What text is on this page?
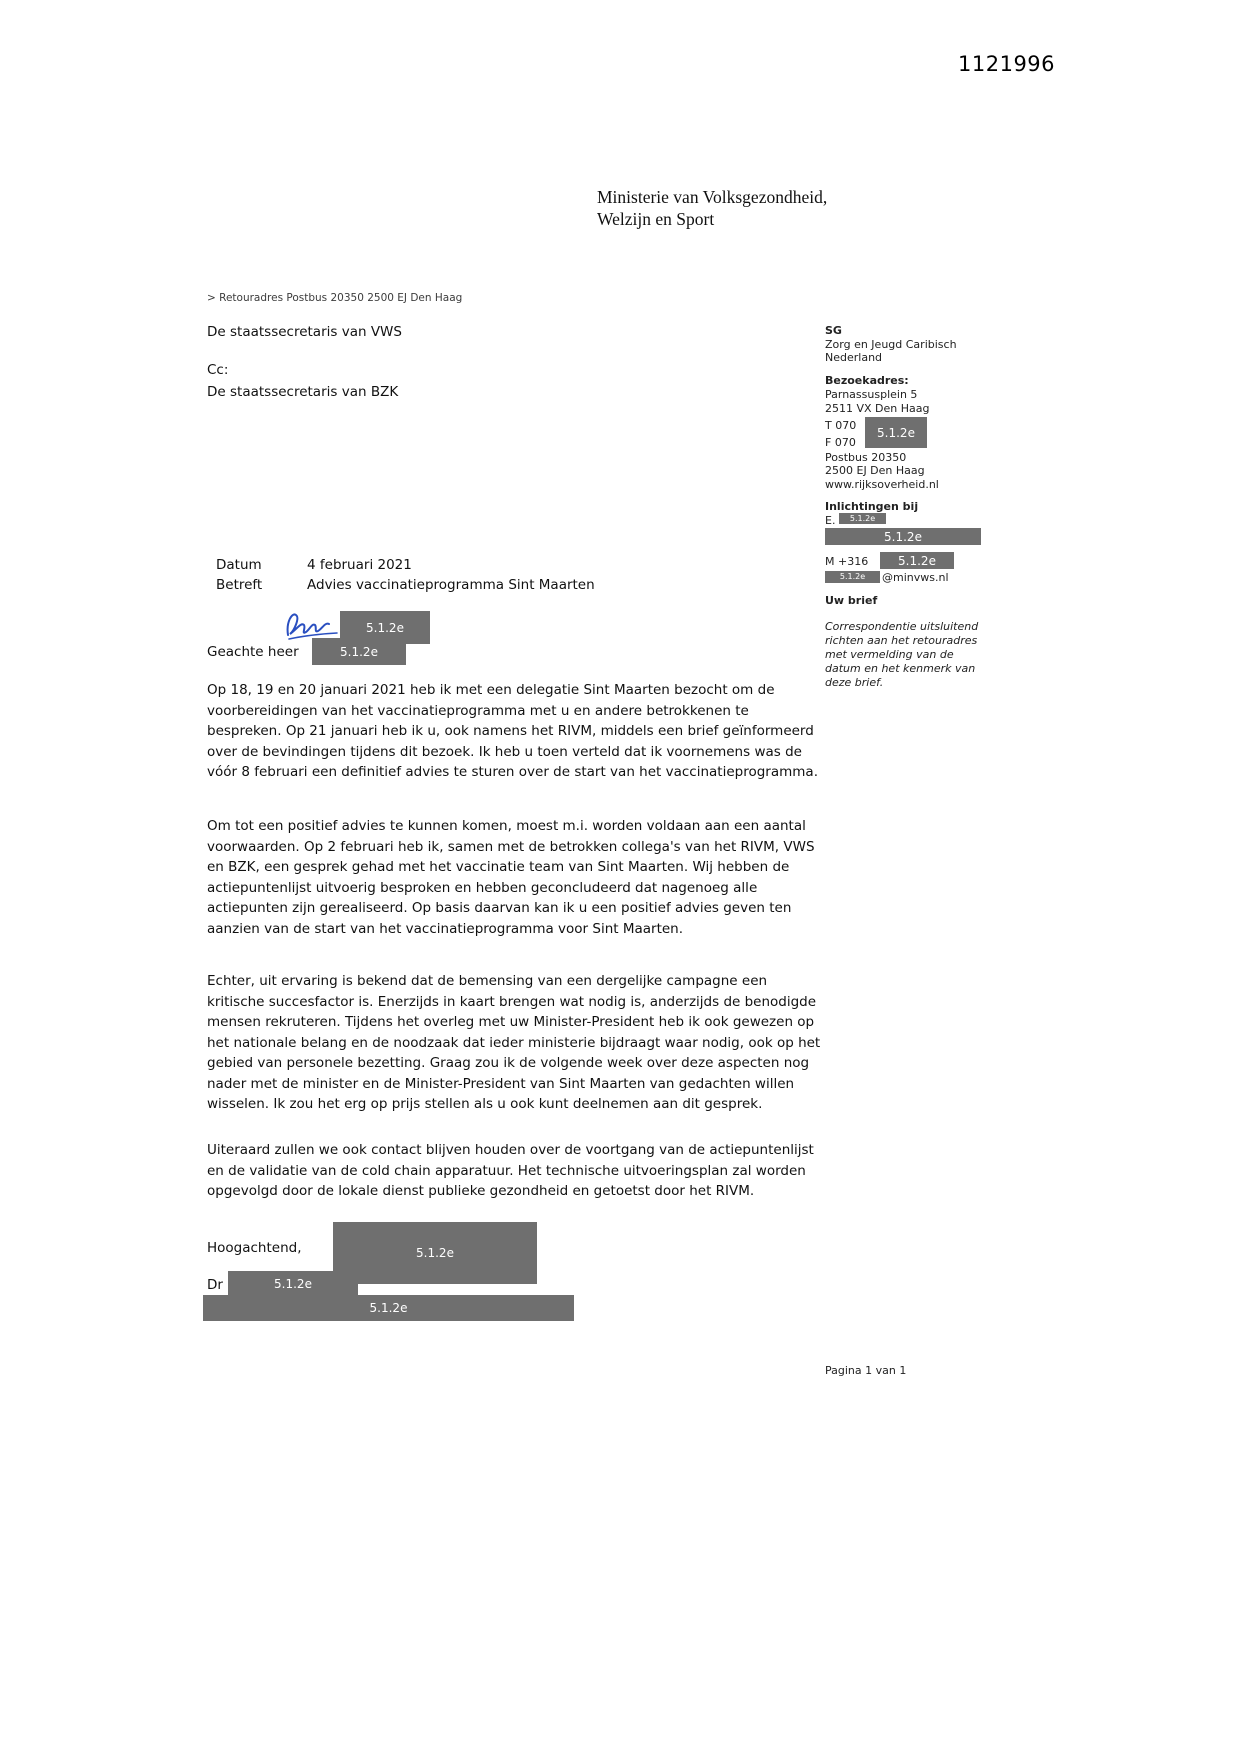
1121996
Ministerie van Volksgezondheid,
Welzijn en Sport
> Retouradres Postbus 20350 2500 EJ Den Haag
De staatssecretaris van VWS
Cc:
De staatssecretaris van BZK
SG
Zorg en Jeugd Caribisch
Nederland
Bezoekadres:
Parnassusplein 5
2511 VX Den Haag
T 070
F 070
5.1.2e
Postbus 20350
2500 EJ Den Haag
www.rijksoverheid.nl
Inlichtingen bij
E.	5.1.2e
5.1.2e
M +316	5.1.2e
5.1.2e	@minvws.nl
Uw brief
Correspondentie uitsluitend richten aan het retouradres met vermelding van de datum en het kenmerk van deze brief.
Datum	4 februari 2021
Betreft	Advies vaccinatieprogramma Sint Maarten
5.1.2e
Geachte heer	5.1.2e
Op 18, 19 en 20 januari 2021 heb ik met een delegatie Sint Maarten bezocht om de voorbereidingen van het vaccinatieprogramma met u en andere betrokkenen te bespreken. Op 21 januari heb ik u, ook namens het RIVM, middels een brief geïnformeerd over de bevindingen tijdens dit bezoek. Ik heb u toen verteld dat ik voornemens was de vóór 8 februari een definitief advies te sturen over de start van het vaccinatieprogramma.
Om tot een positief advies te kunnen komen, moest m.i. worden voldaan aan een aantal voorwaarden. Op 2 februari heb ik, samen met de betrokken collega's van het RIVM, VWS en BZK, een gesprek gehad met het vaccinatie team van Sint Maarten. Wij hebben de actiepuntenlijst uitvoerig besproken en hebben geconcludeerd dat nagenoeg alle actiepunten zijn gerealiseerd. Op basis daarvan kan ik u een positief advies geven ten aanzien van de start van het vaccinatieprogramma voor Sint Maarten.
Echter, uit ervaring is bekend dat de bemensing van een dergelijke campagne een kritische succesfactor is. Enerzijds in kaart brengen wat nodig is, anderzijds de benodigde mensen rekruteren. Tijdens het overleg met uw Minister-President heb ik ook gewezen op het nationale belang en de noodzaak dat ieder ministerie bijdraagt waar nodig, ook op het gebied van personele bezetting. Graag zou ik de volgende week over deze aspecten nog nader met de minister en de Minister-President van Sint Maarten van gedachten willen wisselen. Ik zou het erg op prijs stellen als u ook kunt deelnemen aan dit gesprek.
Uiteraard zullen we ook contact blijven houden over de voortgang van de actiepuntenlijst en de validatie van de cold chain apparatuur. Het technische uitvoeringsplan zal worden opgevolgd door de lokale dienst publieke gezondheid en getoetst door het RIVM.
Hoogachtend,	5.1.2e
Dr	5.1.2e
5.1.2e
Pagina 1 van 1
